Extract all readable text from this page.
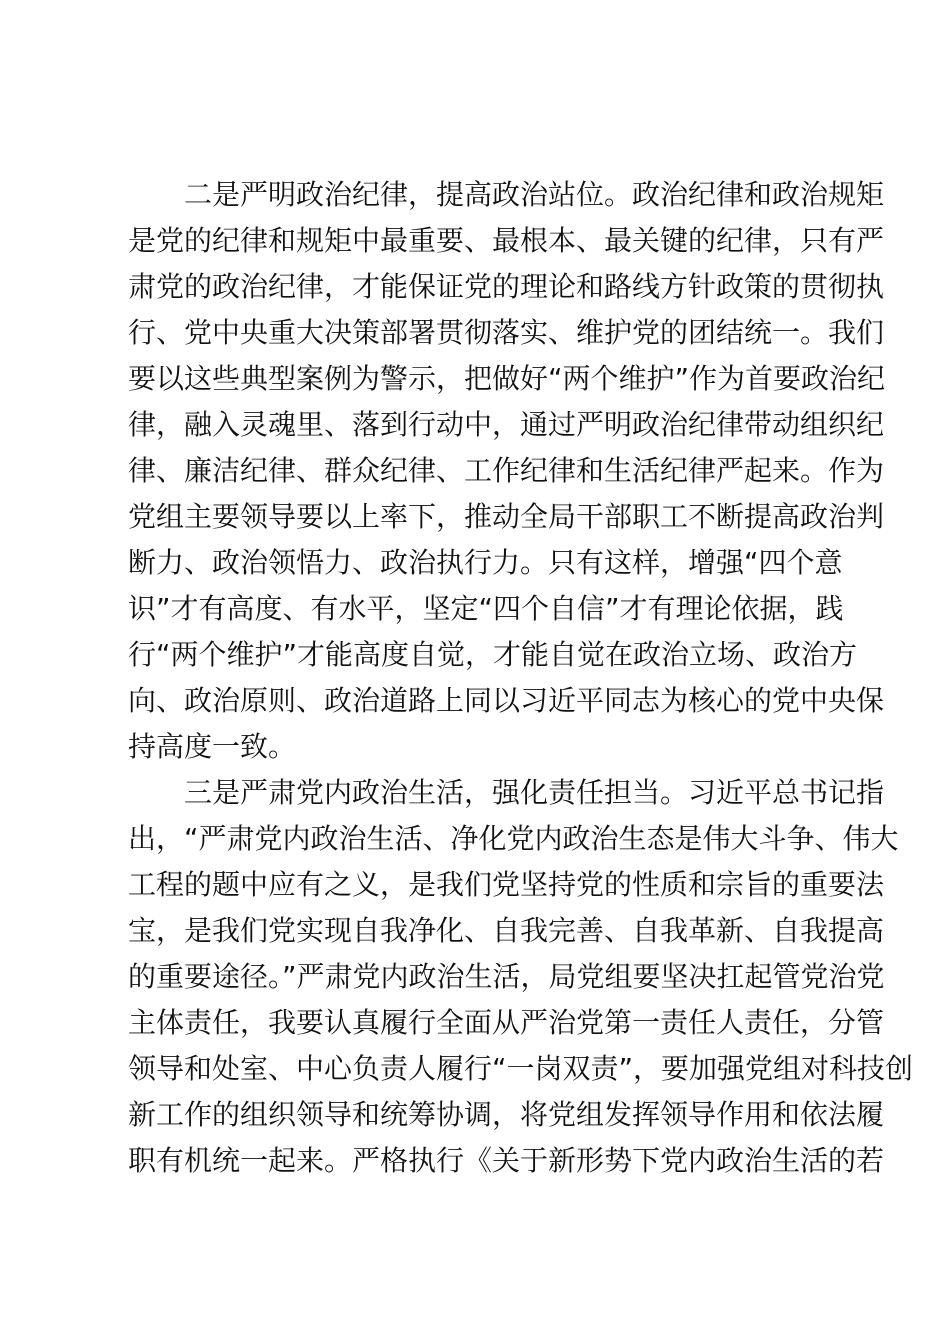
二是严明政治纪律，提高政治站位。政治纪律和政治规矩
是党的纪律和规矩中最重要、最根本、最关键的纪律，只有严
肃党的政治纪律，才能保证党的理论和路线方针政策的贯彻执
行、党中央重大决策部署贯彻落实、维护党的团结统一。我们
要以这些典型案例为警示，把做好“两个维护”作为首要政治纪
律，融入灵魂里、落到行动中，通过严明政治纪律带动组织纪
律、廉洁纪律、群众纪律、工作纪律和生活纪律严起来。作为
党组主要领导要以上率下，推动全局干部职工不断提高政治判
断力、政治领悟力、政治执行力。只有这样，增强“四个意
识”才有高度、有水平，坚定“四个自信”才有理论依据，践
行“两个维护”才能高度自觉，才能自觉在政治立场、政治方
向、政治原则、政治道路上同以习近平同志为核心的党中央保
持高度一致。
三是严肃党内政治生活，强化责任担当。习近平总书记指
出，“严肃党内政治生活、净化党内政治生态是伟大斗争、伟大
工程的题中应有之义，是我们党坚持党的性质和宗旨的重要法
宝，是我们党实现自我净化、自我完善、自我革新、自我提高
的重要途径。”严肃党内政治生活，局党组要坚决扛起管党治党
主体责任，我要认真履行全面从严治党第一责任人责任，分管
领导和处室、中心负责人履行“一岗双责”，要加强党组对科技创
新工作的组织领导和统筹协调，将党组发挥领导作用和依法履
职有机统一起来。严格执行《关于新形势下党内政治生活的若
